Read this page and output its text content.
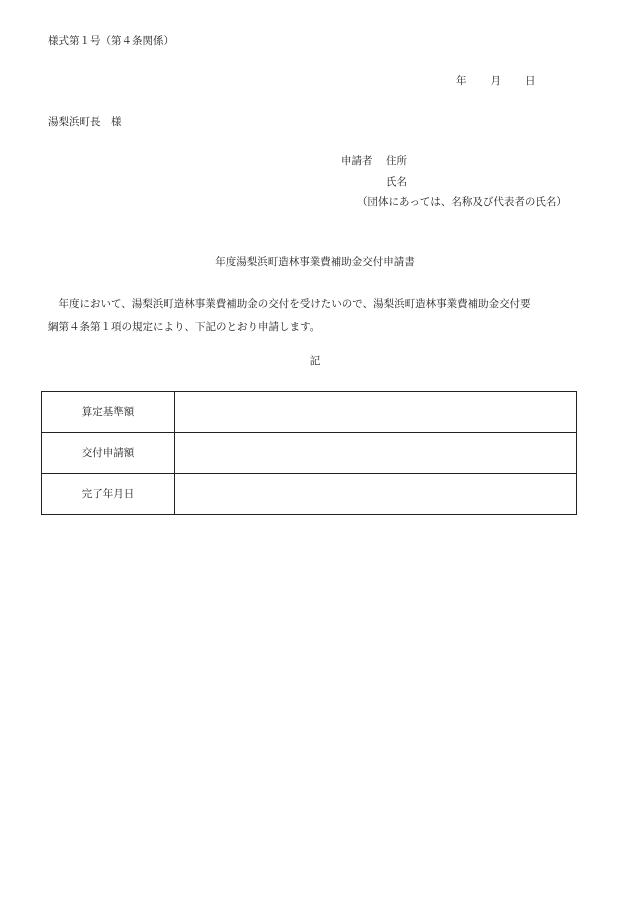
様式第１号（第４条関係）
年 月 日
湯梨浜町長　様
申請者 住所
氏名
（団体にあっては、名称及び代表者の氏名）
年度湯梨浜町造林事業費補助金交付申請書
　年度において、湯梨浜町造林事業費補助金の交付を受けたいので、湯梨浜町造林事業費補助金交付要
綱第４条第１項の規定により、下記のとおり申請します。
記
算定基準額	
交付申請額	
完了年月日	
